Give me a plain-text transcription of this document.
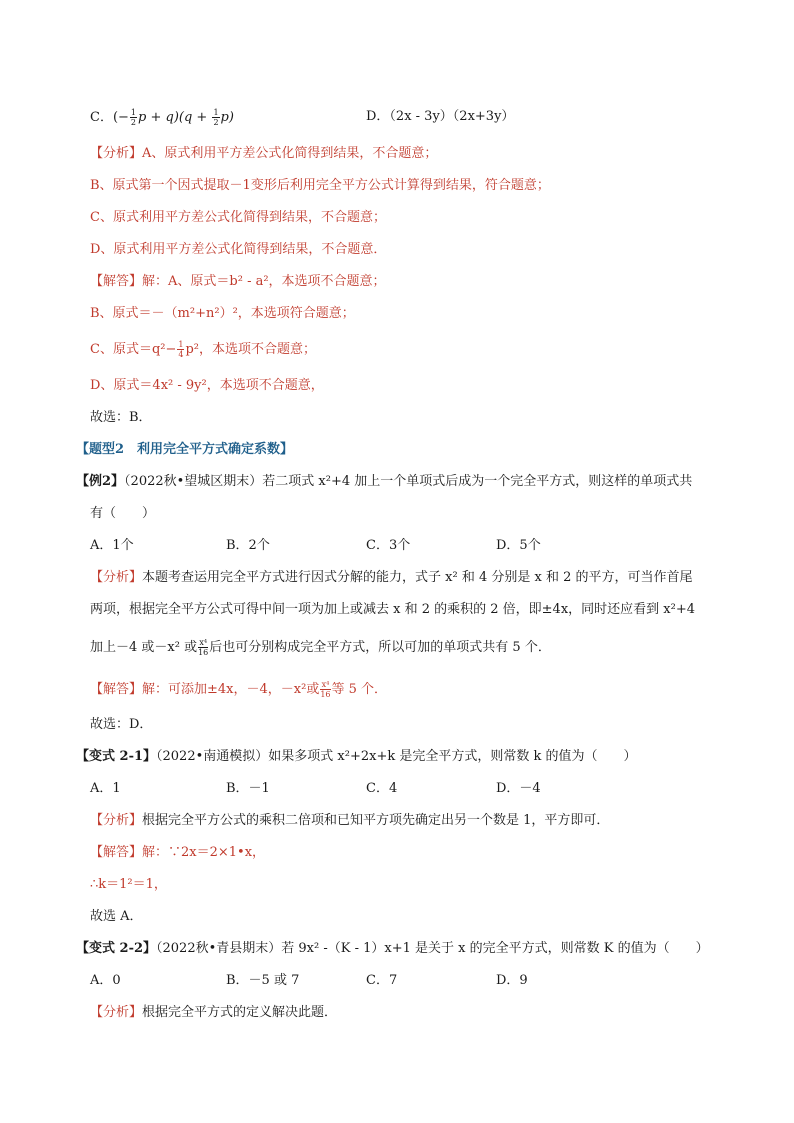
C．(− $\frac{1}{2}$ $p + q)(q + \frac{1}{2} p)$	D．（2x - 3y）（2x+3y）
【分析】A、原式利用平方差公式化简得到结果，不合题意；
B、原式第一个因式提取－1变形后利用完全平方公式计算得到结果，符合题意；
C、原式利用平方差公式化简得到结果，不合题意；
D、原式利用平方差公式化简得到结果，不合题意．
【解答】解：A、原式＝b² - a²，本选项不合题意；
B、原式＝－（m²+n²）²，本选项符合题意；
C、原式$=q^2- \frac{1}{4} p^2$，本选项不合题意；
D、原式＝4x² - 9y²，本选项不合题意，
故选：B．
【题型2　利用完全平方式确定系数】
【例2】（2022秋•望城区期末）若二项式 x²+4 加上一个单项式后成为一个完全平方式，则这样的单项式共
有（　　）
A．1个	B．2个	C．3个	D．5个
【分析】本题考查运用完全平方式进行因式分解的能力，式子 x² 和 4 分别是 x 和 2 的平方，可当作首尾
两项，根据完全平方公式可得中间一项为加上或减去 x 和 2 的乘积的 2 倍，即±4x，同时还应看到 x²+4
加上－4 或－x² 或 $\frac{\text{x⁴}}{16}$ 后也可分别构成完全平方式，所以可加的单项式共有 5 个．
【解答】解：可添加±4x，－4，－x²或 $\frac{\text{x⁴}}{16}$ 等 5 个．
故选：D．
【变式 2-1】（2022•南通模拟）如果多项式 x²+2x+k 是完全平方式，则常数 k 的值为（　　）
A．1	B．－1	C．4	D．－4
【分析】根据完全平方公式的乘积二倍项和已知平方项先确定出另一个数是 1，平方即可．
【解答】解：∵2x＝2×1•x，
∴k＝1²＝1，
故选 A．
【变式 2-2】（2022秋•青县期末）若 9x² -（K - 1）x+1 是关于 x 的完全平方式，则常数 K 的值为（　　）
A．0	B．－5 或 7	C．7	D．9
【分析】根据完全平方式的定义解决此题．
